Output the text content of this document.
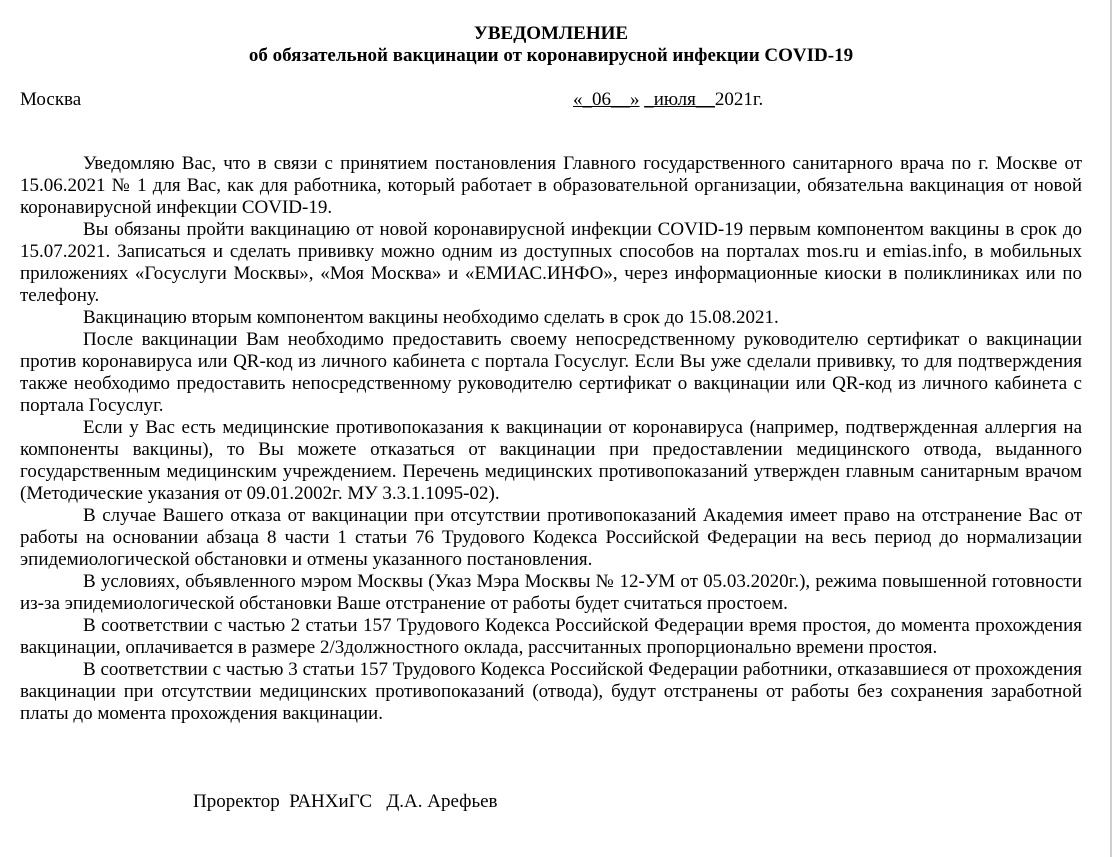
УВЕДОМЛЕНИЕ
об обязательной вакцинации от коронавирусной инфекции COVID-19
Москва	«_06__» _июля__2021г.

Уведомляю Вас, что в связи с принятием постановления Главного государственного санитарного врача по г. Москве от 15.06.2021 № 1 для Вас, как для работника, который работает в образовательной организации, обязательна вакцинация от новой коронавирусной инфекции COVID-19.

Вы обязаны пройти вакцинацию от новой коронавирусной инфекции COVID-19 первым компонентом вакцины в срок до 15.07.2021. Записаться и сделать прививку можно одним из доступных способов на порталах mos.ru и emias.info, в мобильных приложениях «Госуслуги Москвы», «Моя Москва» и «ЕМИАС.ИНФО», через информационные киоски в поликлиниках или по телефону.

Вакцинацию вторым компонентом вакцины необходимо сделать в срок до 15.08.2021.

После вакцинации Вам необходимо предоставить своему непосредственному руководителю сертификат о вакцинации против коронавируса или QR-код из личного кабинета с портала Госуслуг. Если Вы уже сделали прививку, то для подтверждения также необходимо предоставить непосредственному руководителю сертификат о вакцинации или QR-код из личного кабинета с портала Госуслуг.

Если у Вас есть медицинские противопоказания к вакцинации от коронавируса (например, подтвержденная аллергия на компоненты вакцины), то Вы можете отказаться от вакцинации при предоставлении медицинского отвода, выданного государственным медицинским учреждением. Перечень медицинских противопоказаний утвержден главным санитарным врачом (Методические указания от 09.01.2002г. МУ 3.3.1.1095-02).

В случае Вашего отказа от вакцинации при отсутствии противопоказаний Академия имеет право на отстранение Вас от работы на основании абзаца 8 части 1 статьи 76 Трудового Кодекса Российской Федерации на весь период до нормализации эпидемиологической обстановки и отмены указанного постановления.

В условиях, объявленного мэром Москвы (Указ Мэра Москвы № 12-УМ от 05.03.2020г.), режима повышенной готовности из-за эпидемиологической обстановки Ваше отстранение от работы будет считаться простоем.

В соответствии с частью 2 статьи 157 Трудового Кодекса Российской Федерации время простоя, до момента прохождения вакцинации, оплачивается в размере 2/3должностного оклада, рассчитанных пропорционально времени простоя.

В соответствии с частью 3 статьи 157 Трудового Кодекса Российской Федерации работники, отказавшиеся от прохождения вакцинации при отсутствии медицинских противопоказаний (отвода), будут отстранены от работы без сохранения заработной платы до момента прохождения вакцинации.

Проректор РАНХиГС Д.А. Арефьев
